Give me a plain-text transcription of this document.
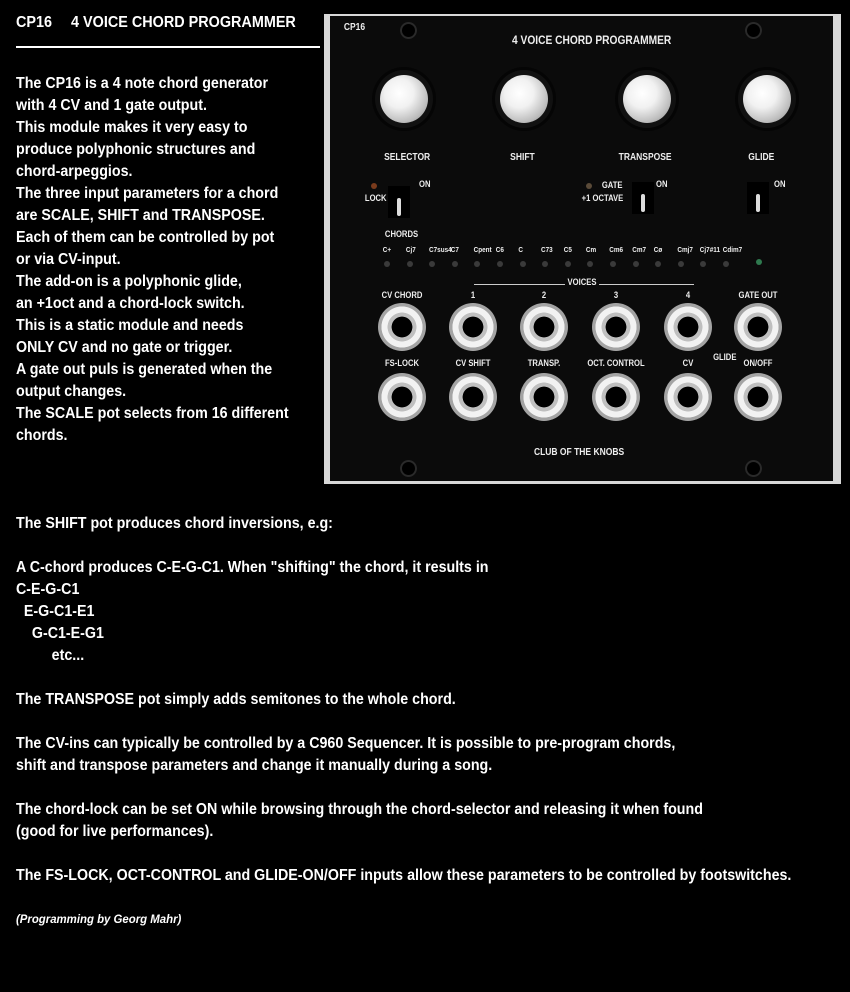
CP16 4 VOICE CHORD PROGRAMMER
The CP16 is a 4 note chord generator
with 4 CV and 1 gate output.
This module makes it very easy to
produce polyphonic structures and
chord-arpeggios.
The three input parameters for a chord
are SCALE, SHIFT and TRANSPOSE.
Each of them can be controlled by pot
or via CV-input.
The add-on is a polyphonic glide,
an +1oct and a chord-lock switch.
This is a static module and needs
ONLY CV and no gate or trigger.
A gate out puls is generated when the
output changes.
The SCALE pot selects from 16 different
chords.
CP16
4 VOICE CHORD PROGRAMMER
SELECTOR	SHIFT	TRANSPOSE	GLIDE
LOCK
ON	GATE
+1 OCTAVE
ON	ON
CHORDS
C+ Cj7 C7sus4
C7 Cpent C6 C C73 C5 Cm Cm6 Cm7 Cø Cmj7 Cj7#11 Cdim7
VOICES
CV CHORD	1	2	3	4	GATE OUT
FS-LOCK	CV SHIFT	TRANSP.	OCT. CONTROL	CV	ON/OFF
GLIDE
CLUB OF THE KNOBS
The SHIFT pot produces chord inversions, e.g:
A C-chord produces C-E-G-C1. When "shifting" the chord, it results in
C-E-G-C1
E-G-C1-E1
G-C1-E-G1
etc...
The TRANSPOSE pot simply adds semitones to the whole chord.
The CV-ins can typically be controlled by a C960 Sequencer. It is possible to pre-program chords,
shift and transpose parameters and change it manually during a song.
The chord-lock can be set ON while browsing through the chord-selector and releasing it when found
(good for live performances).
The FS-LOCK, OCT-CONTROL and GLIDE-ON/OFF inputs allow these parameters to be controlled by footswitches.
(Programming by Georg Mahr)
